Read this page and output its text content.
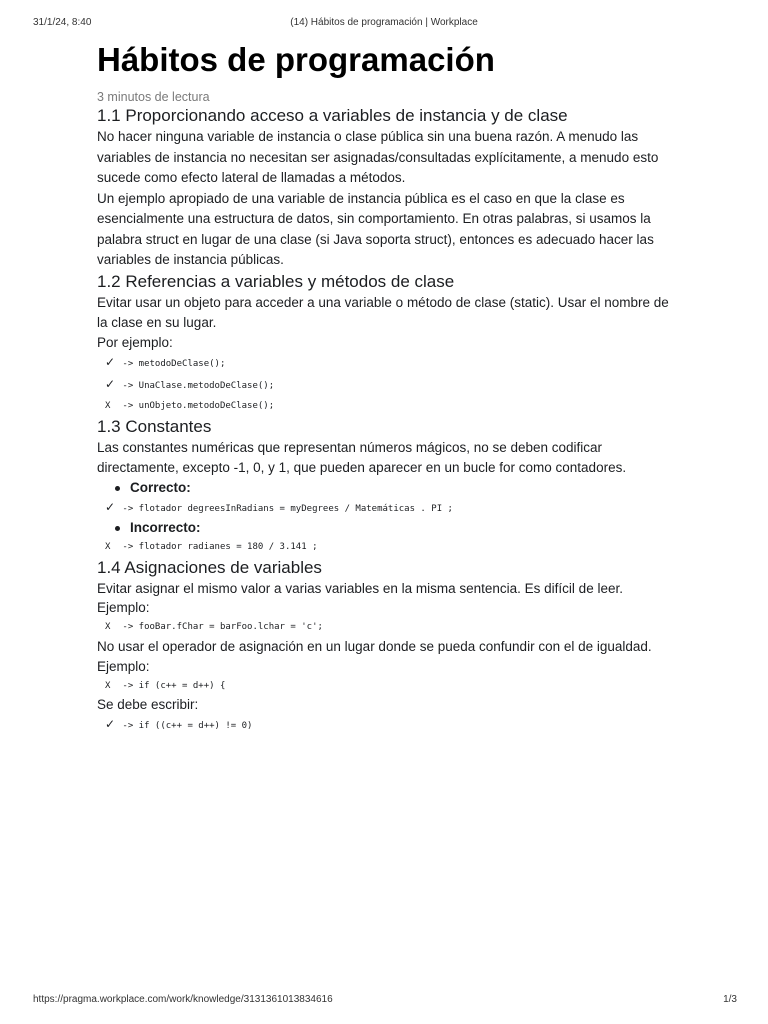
31/1/24, 8:40	(14) Hábitos de programación | Workplace
Hábitos de programación

3 minutos de lectura

1.1 Proporcionando acceso a variables de instancia y de clase

No hacer ninguna variable de instancia o clase pública sin una buena razón. A menudo las variables de instancia no necesitan ser asignadas/consultadas explícitamente, a menudo esto sucede como efecto lateral de llamadas a métodos.

Un ejemplo apropiado de una variable de instancia pública es el caso en que la clase es esencialmente una estructura de datos, sin comportamiento. En otras palabras, si usamos la palabra struct en lugar de una clase (si Java soporta struct), entonces es adecuado hacer las variables de instancia públicas.

1.2 Referencias a variables y métodos de clase

Evitar usar un objeto para acceder a una variable o método de clase (static). Usar el nombre de la clase en su lugar.

Por ejemplo:

✓ -> metodoDeClase();
✓ -> UnaClase.metodoDeClase();
X -> unObjeto.metodoDeClase();
1.3 Constantes

Las constantes numéricas que representan números mágicos, no se deben codificar directamente, excepto -1, 0, y 1, que pueden aparecer en un bucle for como contadores.

Correcto:
✓ -> flotador degreesInRadians = myDegrees / Matemáticas . PI ;
Incorrecto:
X -> flotador radianes = 180 / 3.141 ;
1.4 Asignaciones de variables

Evitar asignar el mismo valor a varias variables en la misma sentencia. Es difícil de leer.

Ejemplo:

X -> fooBar.fChar = barFoo.lchar = 'c';

No usar el operador de asignación en un lugar donde se pueda confundir con el de igualdad.

Ejemplo:

X -> if (c++ = d++) {

Se debe escribir:

✓ -> if ((c++ = d++) != 0)
https://pragma.workplace.com/work/knowledge/3131361013834616	1/3
